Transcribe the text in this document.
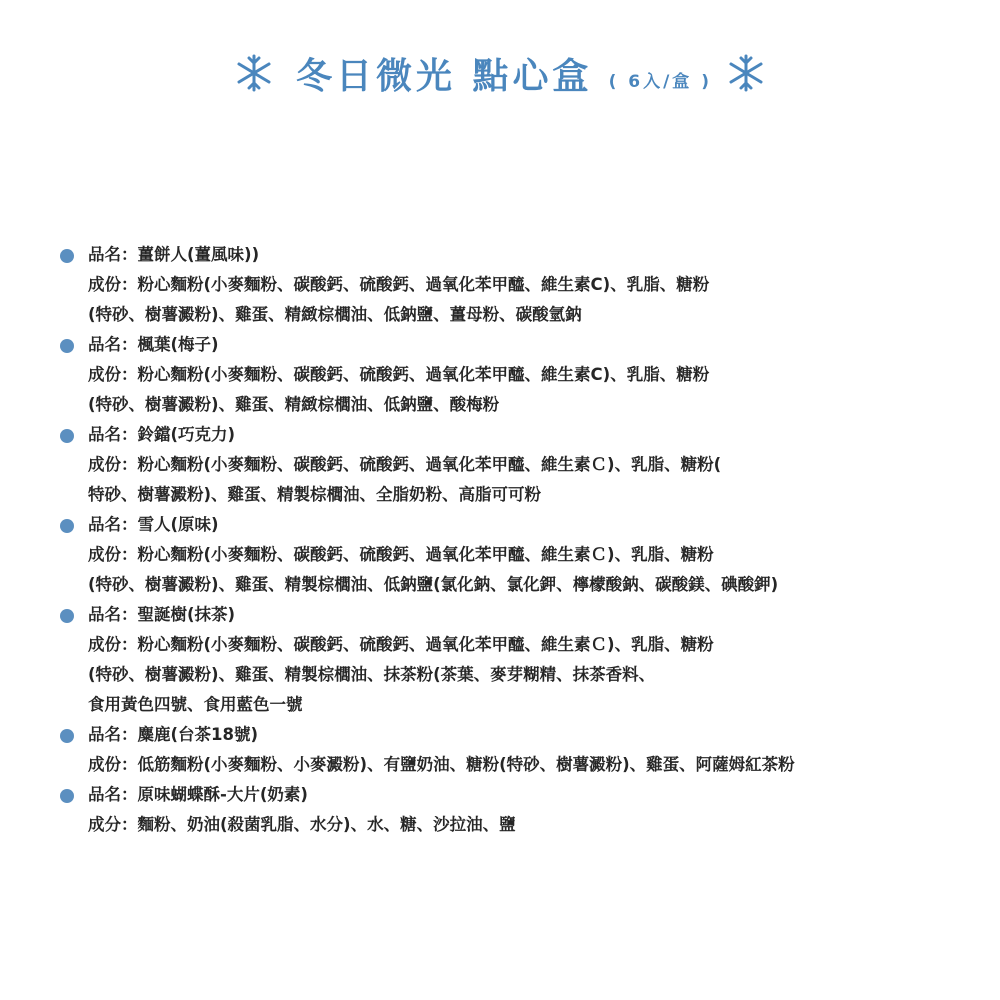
冬日微光 點心盒 ( 6入/盒 )
品名：薑餅人(薑風味))
成份：粉心麵粉(小麥麵粉、碳酸鈣、硫酸鈣、過氧化苯甲醯、維生素C)、乳脂、糖粉
(特砂、樹薯澱粉)、雞蛋、精緻棕櫚油、低鈉鹽、薑母粉、碳酸氫鈉
品名：楓葉(梅子)
成份：粉心麵粉(小麥麵粉、碳酸鈣、硫酸鈣、過氧化苯甲醯、維生素C)、乳脂、糖粉
(特砂、樹薯澱粉)、雞蛋、精緻棕櫚油、低鈉鹽、酸梅粉
品名：鈴鐺(巧克力)
成份：粉心麵粉(小麥麵粉、碳酸鈣、硫酸鈣、過氧化苯甲醯、維生素Ｃ)、乳脂、糖粉(
特砂、樹薯澱粉)、雞蛋、精製棕櫚油、全脂奶粉、高脂可可粉
品名：雪人(原味)
成份：粉心麵粉(小麥麵粉、碳酸鈣、硫酸鈣、過氧化苯甲醯、維生素Ｃ)、乳脂、糖粉
(特砂、樹薯澱粉)、雞蛋、精製棕櫚油、低鈉鹽(氯化鈉、氯化鉀、檸檬酸鈉、碳酸鎂、碘酸鉀)
品名：聖誕樹(抹茶)
成份：粉心麵粉(小麥麵粉、碳酸鈣、硫酸鈣、過氧化苯甲醯、維生素Ｃ)、乳脂、糖粉
(特砂、樹薯澱粉)、雞蛋、精製棕櫚油、抹茶粉(茶葉、麥芽糊精、抹茶香料、
食用黃色四號、食用藍色一號
品名：麋鹿(台茶18號)
成份：低筋麵粉(小麥麵粉、小麥澱粉)、有鹽奶油、糖粉(特砂、樹薯澱粉)、雞蛋、阿薩姆紅茶粉
品名：原味蝴蝶酥-大片(奶素)
成分：麵粉、奶油(殺菌乳脂、水分)、水、糖、沙拉油、鹽
